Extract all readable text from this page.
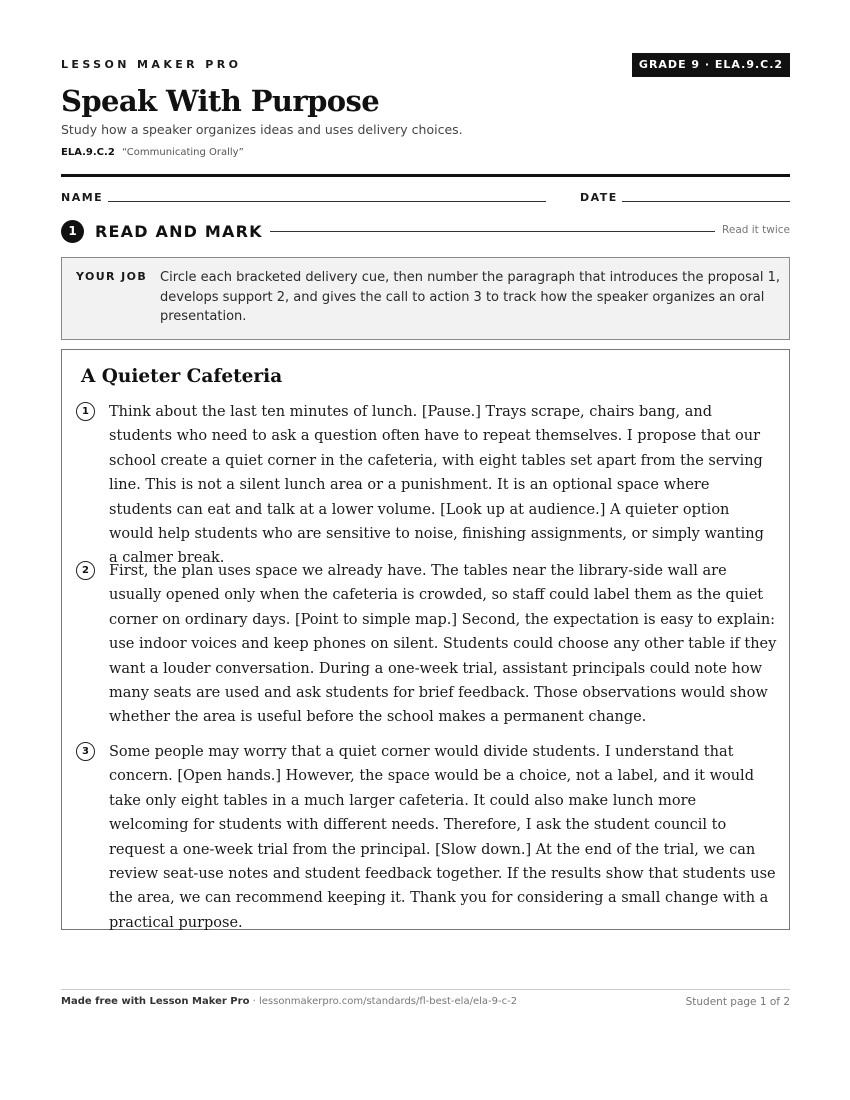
LESSON MAKER PRO	GRADE 9 · ELA.9.C.2
Speak With Purpose
Study how a speaker organizes ideas and uses delivery choices.
ELA.9.C.2 “Communicating Orally”
NAME	DATE
1	READ AND MARK	Read it twice
YOUR JOB Circle each bracketed delivery cue, then number the paragraph that introduces the proposal 1, develops support 2, and gives the call to action 3 to track how the speaker organizes an oral presentation.
A Quieter Cafeteria
1	Think about the last ten minutes of lunch. [Pause.] Trays scrape, chairs bang, and students who need to ask a question often have to repeat themselves. I propose that our school create a quiet corner in the cafeteria, with eight tables set apart from the serving line. This is not a silent lunch area or a punishment. It is an optional space where students can eat and talk at a lower volume. [Look up at audience.] A quieter option would help students who are sensitive to noise, finishing assignments, or simply wanting a calmer break.

2	First, the plan uses space we already have. The tables near the library-side wall are usually opened only when the cafeteria is crowded, so staff could label them as the quiet corner on ordinary days. [Point to simple map.] Second, the expectation is easy to explain: use indoor voices and keep phones on silent. Students could choose any other table if they want a louder conversation. During a one-week trial, assistant principals could note how many seats are used and ask students for brief feedback. Those observations would show whether the area is useful before the school makes a permanent change.

3	Some people may worry that a quiet corner would divide students. I understand that concern. [Open hands.] However, the space would be a choice, not a label, and it would take only eight tables in a much larger cafeteria. It could also make lunch more welcoming for students with different needs. Therefore, I ask the student council to request a one-week trial from the principal. [Slow down.] At the end of the trial, we can review seat-use notes and student feedback together. If the results show that students use the area, we can recommend keeping it. Thank you for considering a small change with a practical purpose.

Made free with Lesson Maker Pro · lessonmakerpro.com/standards/fl-best-ela/ela-9-c-2	Student page 1 of 2
